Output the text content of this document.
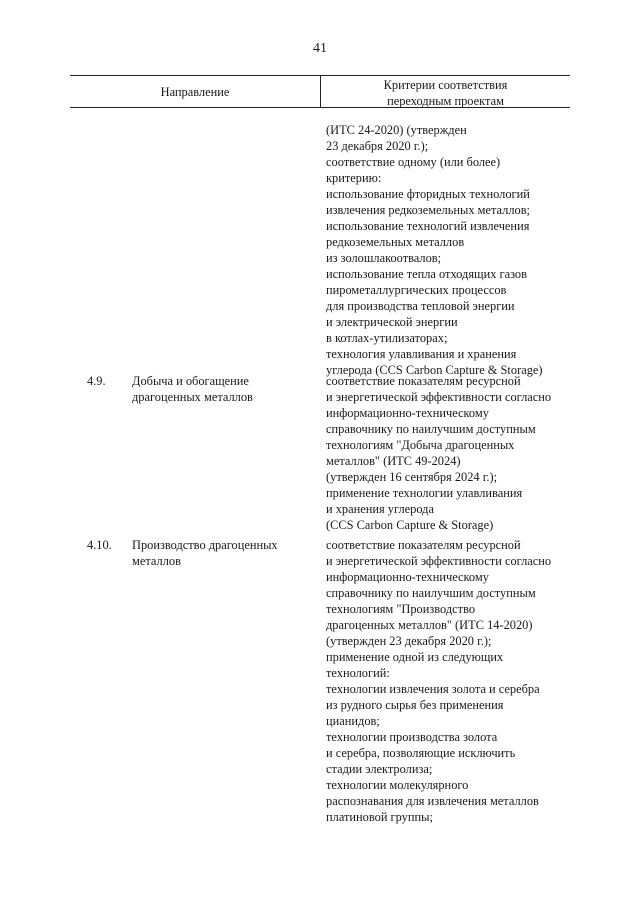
41
Направление	Критерии соответствия
переходным проектам
(ИТС 24-2020) (утвержден
23 декабря 2020 г.);
соответствие одному (или более)
критерию:
использование фторидных технологий
извлечения редкоземельных металлов;
использование технологий извлечения
редкоземельных металлов
из золошлакоотвалов;
использование тепла отходящих газов
пирометаллургических процессов
для производства тепловой энергии
и электрической энергии
в котлах-утилизаторах;
технология улавливания и хранения
углерода (CCS Carbon Capture & Storage)
4.9. Добыча и обогащение
драгоценных металлов
соответствие показателям ресурсной
и энергетической эффективности согласно
информационно-техническому
справочнику по наилучшим доступным
технологиям "Добыча драгоценных
металлов" (ИТС 49-2024)
(утвержден 16 сентября 2024 г.);
применение технологии улавливания
и хранения углерода
(CCS Carbon Capture & Storage)
4.10. Производство драгоценных
металлов
соответствие показателям ресурсной
и энергетической эффективности согласно
информационно-техническому
справочнику по наилучшим доступным
технологиям "Производство
драгоценных металлов" (ИТС 14-2020)
(утвержден 23 декабря 2020 г.);
применение одной из следующих
технологий:
технологии извлечения золота и серебра
из рудного сырья без применения
цианидов;
технологии производства золота
и серебра, позволяющие исключить
стадии электролиза;
технологии молекулярного
распознавания для извлечения металлов
платиновой группы;
